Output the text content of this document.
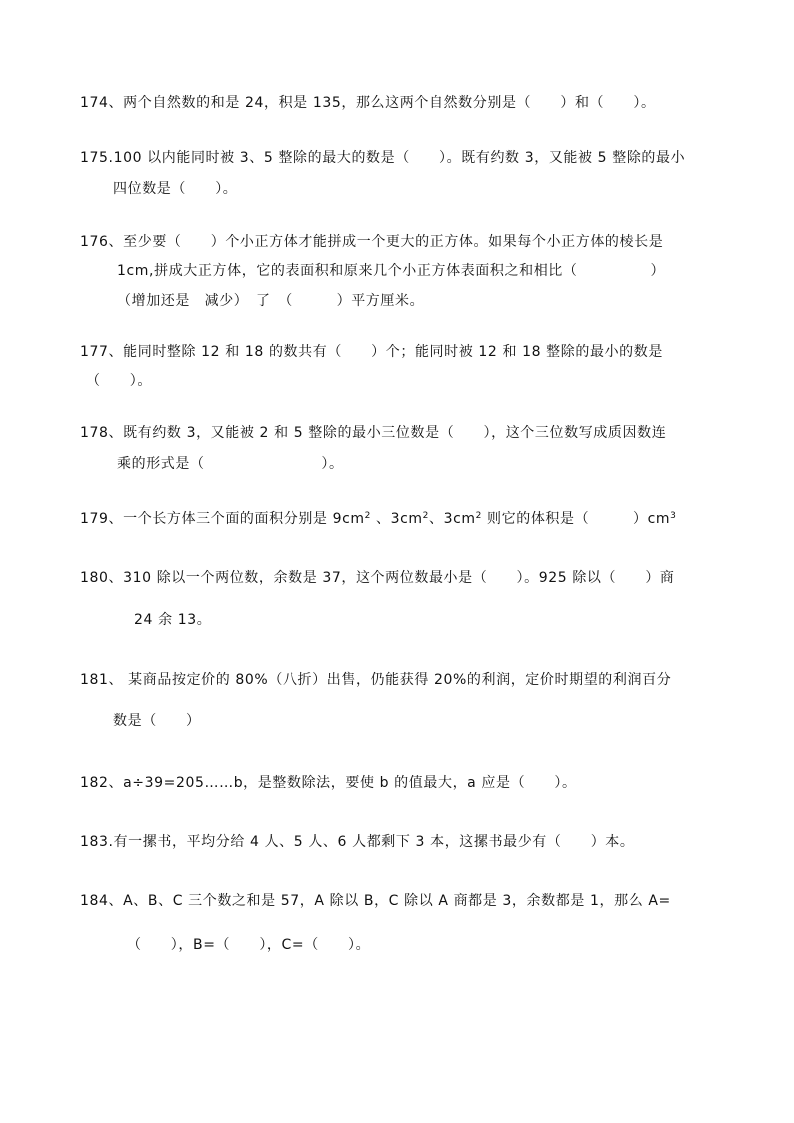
174、两个自然数的和是 24，积是 135，那么这两个自然数分别是（　　）和（　　）。
175.100 以内能同时被 3、5 整除的最大的数是（　　）。既有约数 3，又能被 5 整除的最小
四位数是（　　）。
176、至少要（　　）个小正方体才能拼成一个更大的正方体。如果每个小正方体的棱长是
1cm,拼成大正方体，它的表面积和原来几个小正方体表面积之和相比（　　　　　）
（增加还是　减少）　了　（　　　）平方厘米。
177、能同时整除 12 和 18 的数共有（　　）个；能同时被 12 和 18 整除的最小的数是
（　　）。
178、既有约数 3，又能被 2 和 5 整除的最小三位数是（　　），这个三位数写成质因数连
乘的形式是（　　　　　　　　）。
179、一个长方体三个面的面积分别是 $9cm^2$ 、$3cm^2$、$3cm^2$ 则它的体积是（　　　）$cm^3$
180、310 除以一个两位数，余数是 37，这个两位数最小是（　　）。925 除以（　　）商
24 余 13。
181、 某商品按定价的 80%（八折）出售，仍能获得 20%的利润，定价时期望的利润百分
数是（　　）
182、a÷39=205……b，是整数除法，要使 b 的值最大，a 应是（　　）。
183.有一摞书，平均分给 4 人、5 人、6 人都剩下 3 本，这摞书最少有（　　）本。
184、A、B、C 三个数之和是 57，A 除以 B，C 除以 A 商都是 3，余数都是 1，那么 A=
（　　），B=（　　），C=（　　）。
